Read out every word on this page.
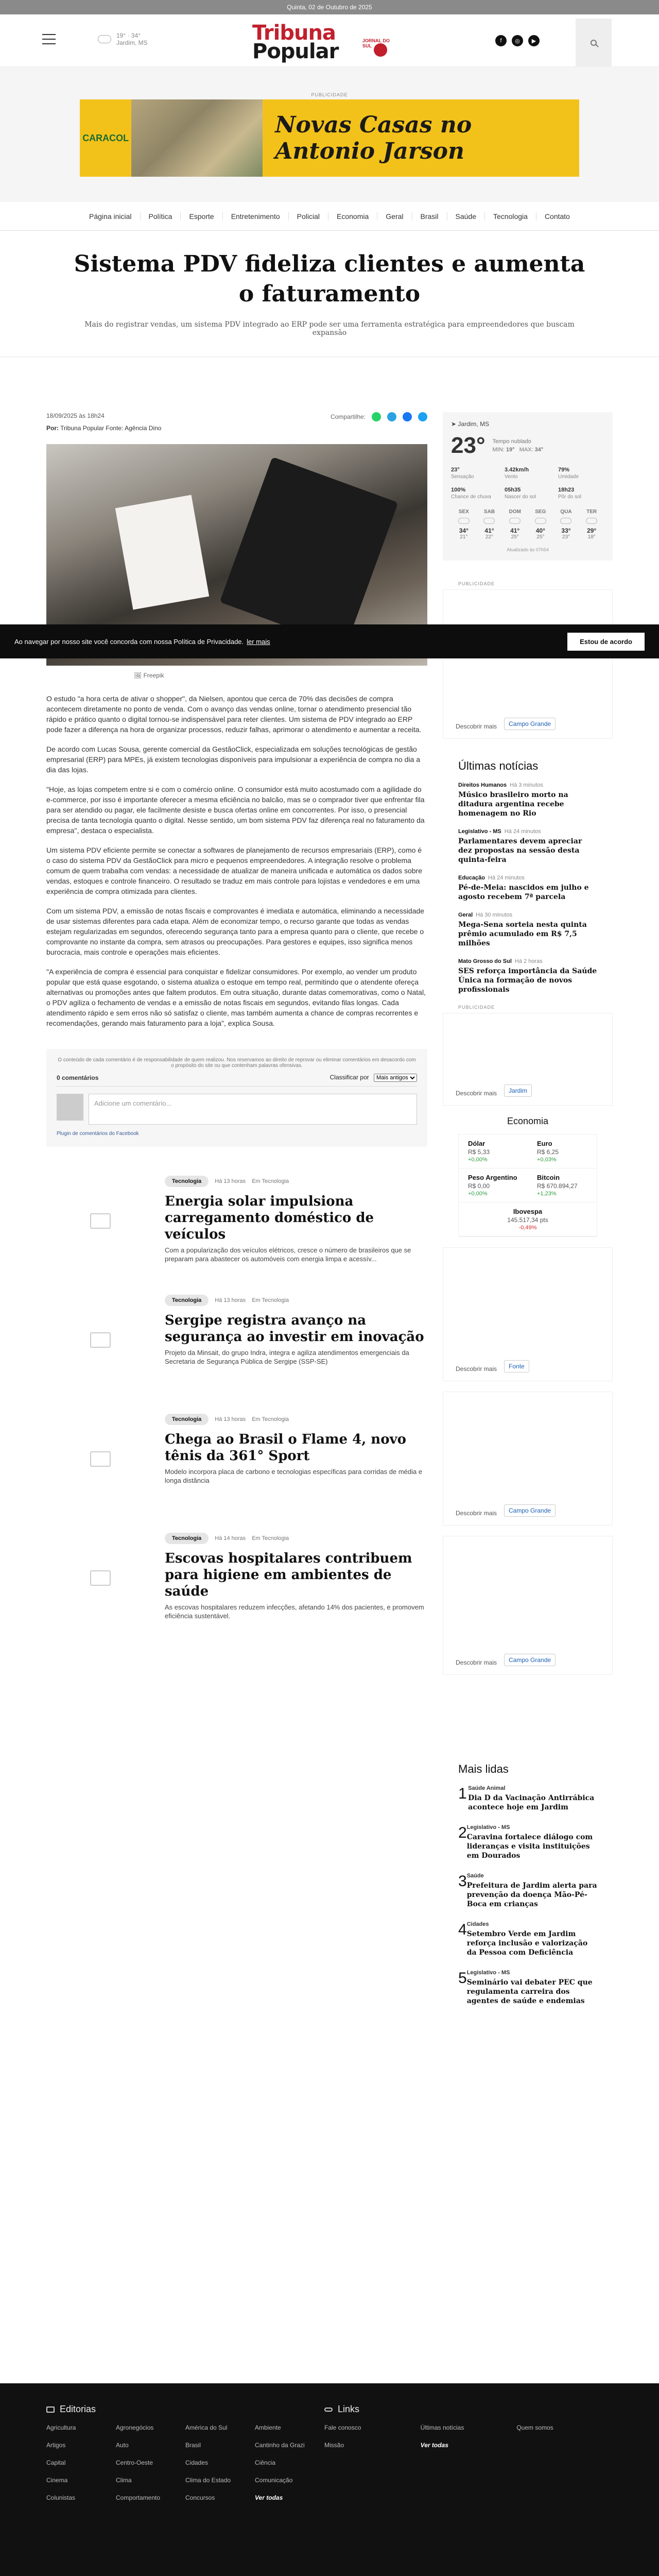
Quinta, 02 de Outubro de 2025
19° · 34°
Jardim, MS	Tribuna
Popular	JORNAL DO SUL
f	◎	▶
PUBLICIDADE
CARACOL	Novas Casas no Antonio Jarson
Página inicial	Política	Esporte	Entretenimento	Policial	Economia	Geral	Brasil	Saúde	Tecnologia	Contato
Sistema PDV fideliza clientes e aumenta o faturamento
Mais do registrar vendas, um sistema PDV integrado ao ERP pode ser uma ferramenta estratégica para empreendedores que buscam expansão
18/09/2025 às 18h24
Por: Tribuna Popular Fonte: Agência Dino
Compartilhe:
🖼 Freepik

O estudo "a hora certa de ativar o shopper", da Nielsen, apontou que cerca de 70% das decisões de compra acontecem diretamente no ponto de venda. Com o avanço das vendas online, tornar o atendimento presencial tão rápido e prático quanto o digital tornou-se indispensável para reter clientes. Um sistema de PDV integrado ao ERP pode fazer a diferença na hora de organizar processos, reduzir falhas, aprimorar o atendimento e aumentar a receita.

De acordo com Lucas Sousa, gerente comercial da GestãoClick, especializada em soluções tecnológicas de gestão empresarial (ERP) para MPEs, já existem tecnologias disponíveis para impulsionar a experiência de compra no dia a dia das lojas.

"Hoje, as lojas competem entre si e com o comércio online. O consumidor está muito acostumado com a agilidade do e-commerce, por isso é importante oferecer a mesma eficiência no balcão, mas se o comprador tiver que enfrentar fila para ser atendido ou pagar, ele facilmente desiste e busca ofertas online em concorrentes. Por isso, o presencial precisa de tanta tecnologia quanto o digital. Nesse sentido, um bom sistema PDV faz diferença real no faturamento da empresa", destaca o especialista.

Um sistema PDV eficiente permite se conectar a softwares de planejamento de recursos empresariais (ERP), como é o caso do sistema PDV da GestãoClick para micro e pequenos empreendedores. A integração resolve o problema comum de quem trabalha com vendas: a necessidade de atualizar de maneira unificada e automática os dados sobre vendas, estoques e controle financeiro. O resultado se traduz em mais controle para lojistas e vendedores e em uma experiência de compra otimizada para clientes.

Com um sistema PDV, a emissão de notas fiscais e comprovantes é imediata e automática, eliminando a necessidade de usar sistemas diferentes para cada etapa. Além de economizar tempo, o recurso garante que todas as vendas estejam regularizadas em segundos, oferecendo segurança tanto para a empresa quanto para o cliente, que recebe o comprovante no instante da compra, sem atrasos ou preocupações. Para gestores e equipes, isso significa menos burocracia, mais controle e operações mais eficientes.

"A experiência de compra é essencial para conquistar e fidelizar consumidores. Por exemplo, ao vender um produto popular que está quase esgotando, o sistema atualiza o estoque em tempo real, permitindo que o atendente ofereça alternativas ou promoções antes que faltem produtos. Em outra situação, durante datas comemorativas, como o Natal, o PDV agiliza o fechamento de vendas e a emissão de notas fiscais em segundos, evitando filas longas. Cada atendimento rápido e sem erros não só satisfaz o cliente, mas também aumenta a chance de compras recorrentes e recomendações, gerando mais faturamento para a loja", explica Sousa.

O conteúdo de cada comentário é de responsabilidade de quem realizou. Nos reservamos ao direito de reprovar ou eliminar comentários em desacordo com o propósito do site ou que contenham palavras ofensivas.
0 comentários	Classificar por
Mais antigos
Adicione um comentário...
Plugin de comentários do Facebook
Tecnologia	Há 13 horas Em Tecnologia
Energia solar impulsiona carregamento doméstico de veículos
Com a popularização dos veículos elétricos, cresce o número de brasileiros que se preparam para abastecer os automóveis com energia limpa e acessív...
Tecnologia	Há 13 horas Em Tecnologia
Sergipe registra avanço na segurança ao investir em inovação
Projeto da Minsait, do grupo Indra, integra e agiliza atendimentos emergenciais da Secretaria de Segurança Pública de Sergipe (SSP-SE)
Tecnologia	Há 13 horas Em Tecnologia
Chega ao Brasil o Flame 4, novo tênis da 361° Sport
Modelo incorpora placa de carbono e tecnologias específicas para corridas de média e longa distância
Tecnologia	Há 14 horas Em Tecnologia
Escovas hospitalares contribuem para higiene em ambientes de saúde
As escovas hospitalares reduzem infecções, afetando 14% dos pacientes, e promovem eficiência sustentável.
➤ Jardim, MS
23° Tempo nublado
MIN: 19° MAX: 34°
23°
Sensação
3.42km/h
Vento
79%
Umidade
100%
Chance de chuva
05h35
Nascer do sol
18h23
Pôr do sol
SEX
34°
21°
SAB
41°
22°
DOM
41°
25°
SEG
40°
25°
QUA
33°
23°
TER
29°
18°
Atualizado às 07h54
PUBLICIDADE
Descobrir mais	Campo Grande
Últimas notícias
Direitos Humanos Há 3 minutos
Músico brasileiro morto na ditadura argentina recebe homenagem no Rio
Legislativo - MS Há 24 minutos
Parlamentares devem apreciar dez propostas na sessão desta quinta-feira
Educação Há 24 minutos
Pé-de-Meia: nascidos em julho e agosto recebem 7ª parcela
Geral Há 30 minutos
Mega-Sena sorteia nesta quinta prêmio acumulado em R$ 7,5 milhões
Mato Grosso do Sul Há 2 horas
SES reforça importância da Saúde Única na formação de novos profissionais
PUBLICIDADE
Descobrir mais	Jardim
Economia
Dólar
R$ 5,33
+0,00%
Euro
R$ 6,25
+0,03%
Peso Argentino
R$ 0,00
+0,00%
Bitcoin
R$ 670.894,27
+1,23%
Ibovespa
145.517,34 pts
-0,49%
Descobrir mais	Fonte
Descobrir mais	Campo Grande
Descobrir mais	Campo Grande
Mais lidas
1 Saúde Animal
Dia D da Vacinação Antirrábica acontece hoje em Jardim
2 Legislativo - MS
Caravina fortalece diálogo com lideranças e visita instituições em Dourados
3 Saúde
Prefeitura de Jardim alerta para prevenção da doença Mão-Pé-Boca em crianças
4 Cidades
Setembro Verde em Jardim reforça inclusão e valorização da Pessoa com Deficiência
5 Legislativo - MS
Seminário vai debater PEC que regulamenta carreira dos agentes de saúde e endemias
Ao navegar por nosso site você concorda com nossa Política de Privacidade. ler mais	Estou de acordo
Editorias
Agricultura	Agronegócios	América do Sul	Ambiente
Artigos	Auto	Brasil	Cantinho da Grazi
Capital	Centro-Oeste	Cidades	Ciência
Cinema	Clima	Clima do Estado	Comunicação
Colunistas	Comportamento	Concursos	Ver todas
Links
Fale conosco	Últimas notícias	Quem somos
Missão	Ver todas
